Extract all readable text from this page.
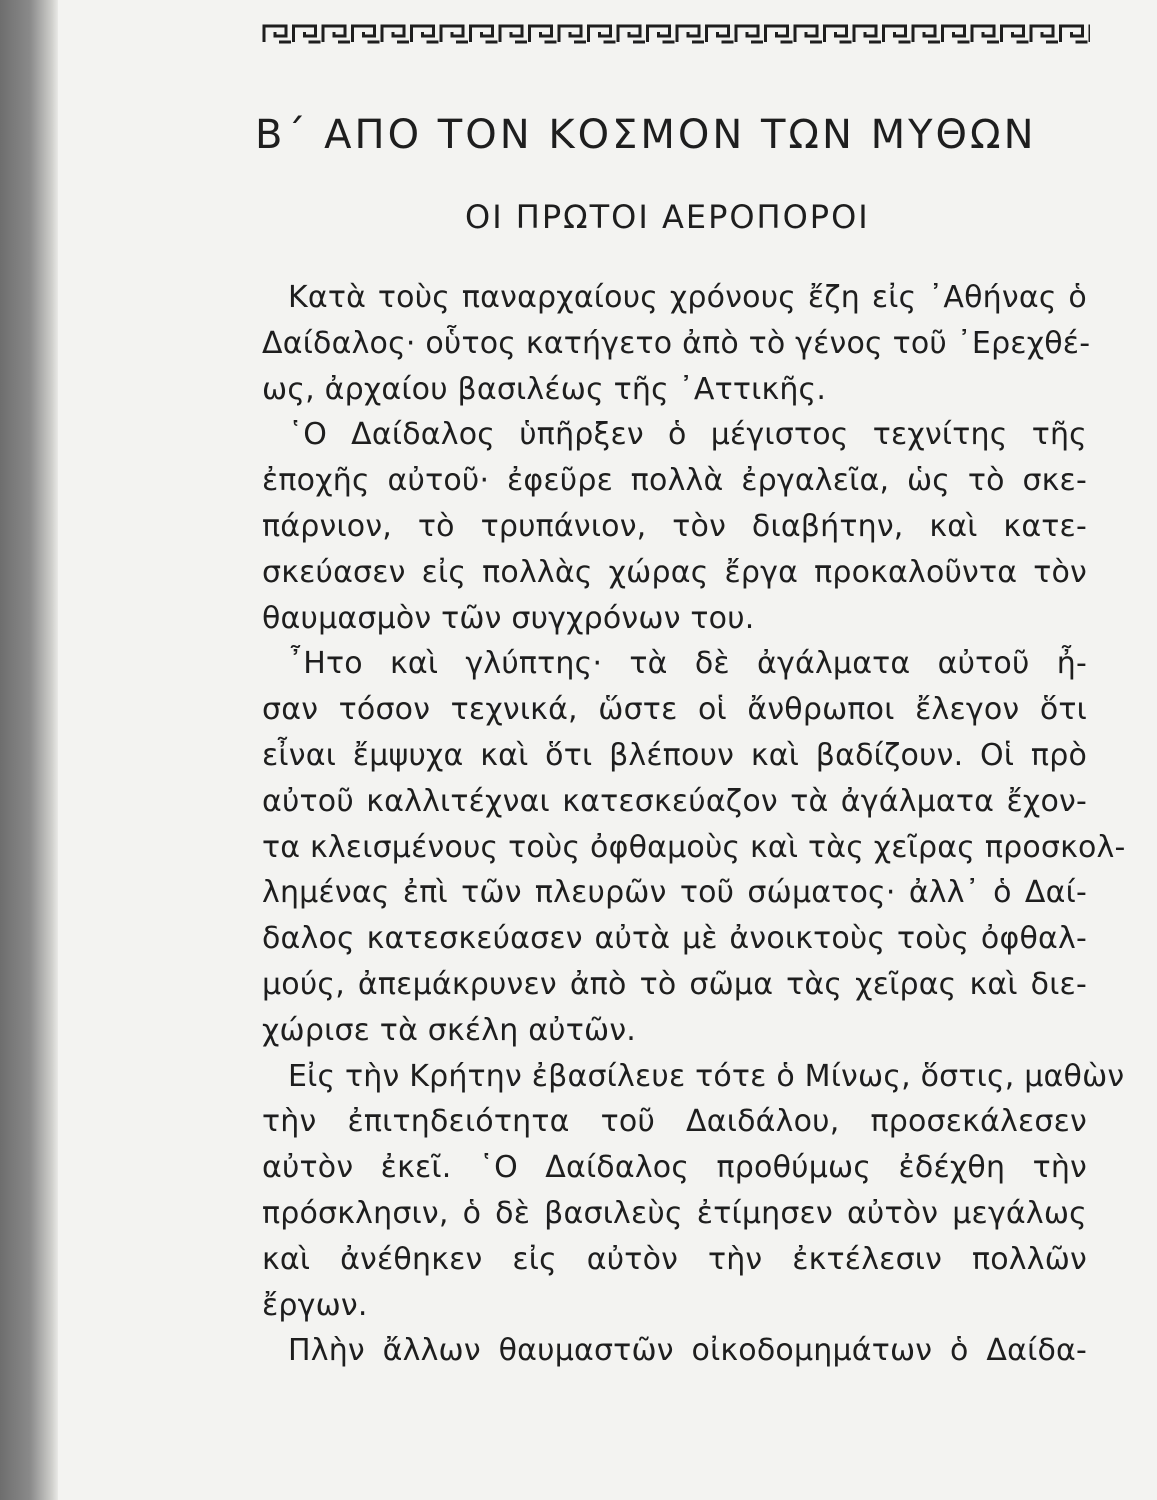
Β΄ ΑΠΟ ΤΟΝ ΚΟΣΜΟΝ ΤΩΝ ΜΥΘΩΝ
ΟΙ ΠΡΩΤΟΙ ΑΕΡΟΠΟΡΟΙ
Κατὰ τοὺς παναρχαίους χρόνους ἔζη εἰς ᾿Αθήνας ὁ
Δαίδαλος· οὗτος κατήγετο ἀπὸ τὸ γένος τοῦ ᾿Ερεχθέ-
ως, ἀρχαίου βασιλέως τῆς ᾿Αττικῆς.
῾Ο Δαίδαλος ὑπῆρξεν ὁ μέγιστος τεχνίτης τῆς
ἐποχῆς αὐτοῦ· ἐφεῦρε πολλὰ ἐργαλεῖα, ὡς τὸ σκε-
πάρνιον, τὸ τρυπάνιον, τὸν διαβήτην, καὶ κατε-
σκεύασεν εἰς πολλὰς χώρας ἔργα προκαλοῦντα τὸν
θαυμασμὸν τῶν συγχρόνων του.
῏Ητο καὶ γλύπτης· τὰ δὲ ἀγάλματα αὐτοῦ ἦ-
σαν τόσον τεχνικά, ὥστε οἱ ἄνθρωποι ἔλεγον ὅτι
εἶναι ἔμψυχα καὶ ὅτι βλέπουν καὶ βαδίζουν. Οἱ πρὸ
αὐτοῦ καλλιτέχναι κατεσκεύαζον τὰ ἀγάλματα ἔχον-
τα κλεισμένους τοὺς ὀφθαμοὺς καὶ τὰς χεῖρας προσκολ-
λημένας ἐπὶ τῶν πλευρῶν τοῦ σώματος· ἀλλ᾿ ὁ Δαί-
δαλος κατεσκεύασεν αὐτὰ μὲ ἀνοικτοὺς τοὺς ὀφθαλ-
μούς, ἀπεμάκρυνεν ἀπὸ τὸ σῶμα τὰς χεῖρας καὶ διε-
χώρισε τὰ σκέλη αὐτῶν.
Εἰς τὴν Κρήτην ἐβασίλευε τότε ὁ Μίνως, ὅστις, μαθὼν
τὴν ἐπιτηδειότητα τοῦ Δαιδάλου, προσεκάλεσεν
αὐτὸν ἐκεῖ. ῾Ο Δαίδαλος προθύμως ἐδέχθη τὴν
πρόσκλησιν, ὁ δὲ βασιλεὺς ἐτίμησεν αὐτὸν μεγάλως
καὶ ἀνέθηκεν εἰς αὐτὸν τὴν ἐκτέλεσιν πολλῶν
ἔργων.
Πλὴν ἄλλων θαυμαστῶν οἰκοδομημάτων ὁ Δαίδα-
